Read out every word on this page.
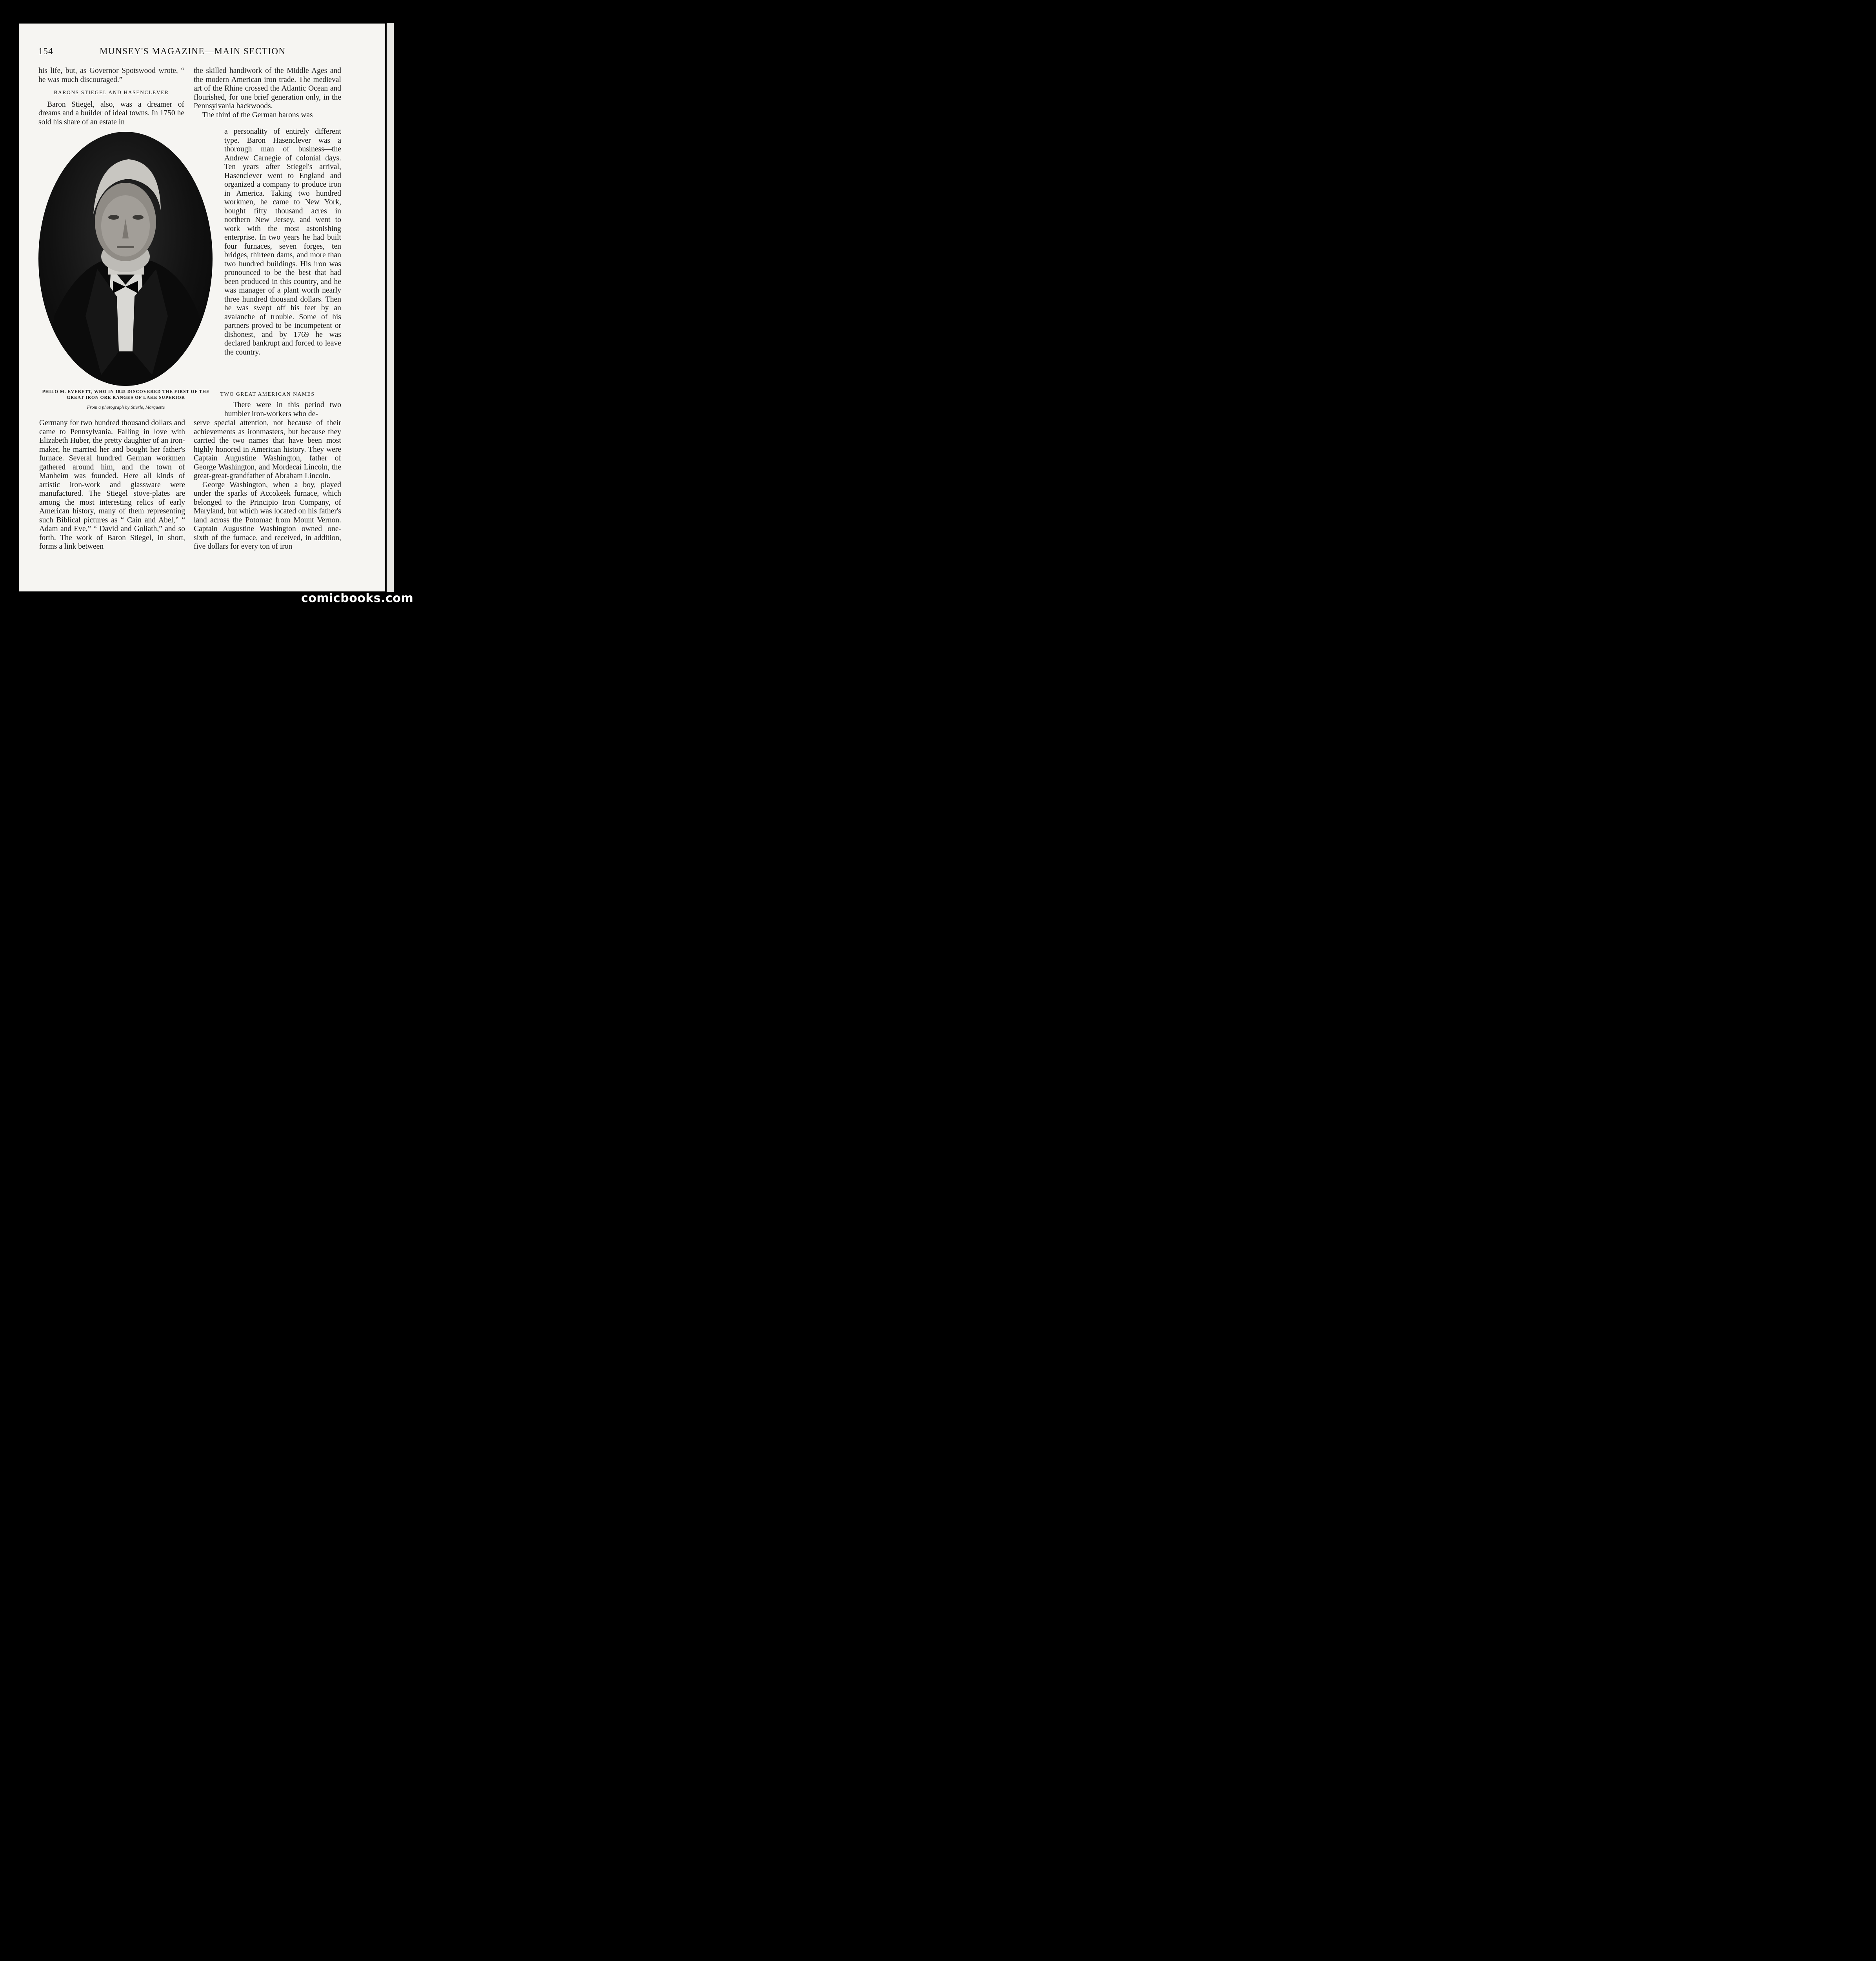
154	MUNSEY'S MAGAZINE—MAIN SECTION

his life, but, as Governor Spotswood wrote, “ he was much discouraged.”

BARONS STIEGEL AND HASENCLEVER

Baron Stiegel, also, was a dreamer of dreams and a builder of ideal towns. In 1750 he sold his share of an estate in

PHILO M. EVERETT, WHO IN 1845 DISCOVERED THE FIRST OF THE GREAT IRON ORE RANGES OF LAKE SUPERIOR
From a photograph by Stierle, Marquette

Germany for two hundred thousand dollars and came to Pennsylvania. Falling in love with Elizabeth Huber, the pretty daughter of an iron-maker, he married her and bought her father's furnace. Several hundred German workmen gathered around him, and the town of Manheim was founded. Here all kinds of artistic iron-work and glassware were manufactured. The Stiegel stove-plates are among the most interesting relics of early American history, many of them representing such Biblical pictures as “ Cain and Abel,” “ Adam and Eve,” “ David and Goliath,” and so forth. The work of Baron Stiegel, in short, forms a link between

the skilled handiwork of the Middle Ages and the modern American iron trade. The medieval art of the Rhine crossed the Atlantic Ocean and flourished, for one brief generation only, in the Pennsylvania backwoods.

The third of the German barons was

a personality of entirely different type. Baron Hasenclever was a thorough man of business—the Andrew Carnegie of colonial days. Ten years after Stiegel's arrival, Hasenclever went to England and organized a company to produce iron in America. Taking two hundred workmen, he came to New York, bought fifty thousand acres in northern New Jersey, and went to work with the most astonishing enterprise. In two years he had built four furnaces, seven forges, ten bridges, thirteen dams, and more than two hundred buildings. His iron was pronounced to be the best that had been produced in this country, and he was manager of a plant worth nearly three hundred thousand dollars. Then he was swept off his feet by an avalanche of trouble. Some of his partners proved to be incompetent or dishonest, and by 1769 he was declared bankrupt and forced to leave the country.

TWO GREAT AMERICAN NAMES

There were in this period two humbler iron-workers who de-

serve special attention, not because of their achievements as ironmasters, but because they carried the two names that have been most highly honored in American history. They were Captain Augustine Washington, father of George Washington, and Mordecai Lincoln, the great-great-grandfather of Abraham Lincoln.

George Washington, when a boy, played under the sparks of Accokeek furnace, which belonged to the Principio Iron Company, of Maryland, but which was located on his father's land across the Potomac from Mount Vernon. Captain Augustine Washington owned one-sixth of the furnace, and received, in addition, five dollars for every ton of iron

comicbooks.com
